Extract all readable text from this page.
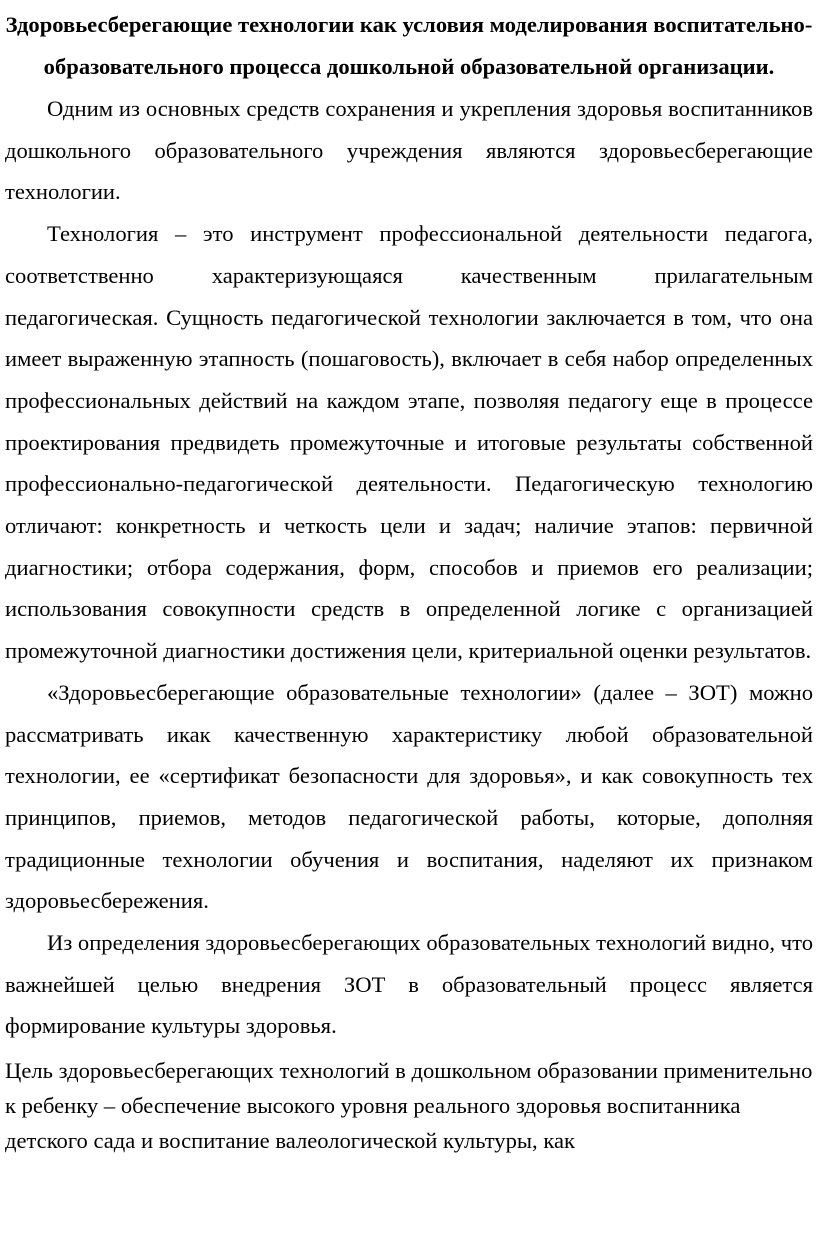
Здоровьесберегающие технологии как условия моделирования воспитательно-образовательного процесса дошкольной образовательной организации.

Одним из основных средств сохранения и укрепления здоровья воспитанников дошкольного образовательного учреждения являются здоровьесберегающие технологии.

Технология – это инструмент профессиональной деятельности педагога, соответственно характеризующаяся качественным прилагательным педагогическая. Сущность педагогической технологии заключается в том, что она имеет выраженную этапность (пошаговость), включает в себя набор определенных профессиональных действий на каждом этапе, позволяя педагогу еще в процессе проектирования предвидеть промежуточные и итоговые результаты собственной профессионально-педагогической деятельности. Педагогическую технологию отличают: конкретность и четкость цели и задач; наличие этапов: первичной диагностики; отбора содержания, форм, способов и приемов его реализации; использования совокупности средств в определенной логике с организацией промежуточной диагностики достижения цели, критериальной оценки результатов.

«Здоровьесберегающие образовательные технологии» (далее – ЗОТ) можно рассматривать икак качественную характеристику любой образовательной технологии, ее «сертификат безопасности для здоровья», и как совокупность тех принципов, приемов, методов педагогической работы, которые, дополняя традиционные технологии обучения и воспитания, наделяют их признаком здоровьесбережения.

Из определения здоровьесберегающих образовательных технологий видно, что важнейшей целью внедрения ЗОТ в образовательный процесс является формирование культуры здоровья.

Цель здоровьесберегающих технологий в дошкольном образовании применительно к ребенку – обеспечение высокого уровня реального здоровья воспитанника детского сада и воспитание валеологической культуры, как
